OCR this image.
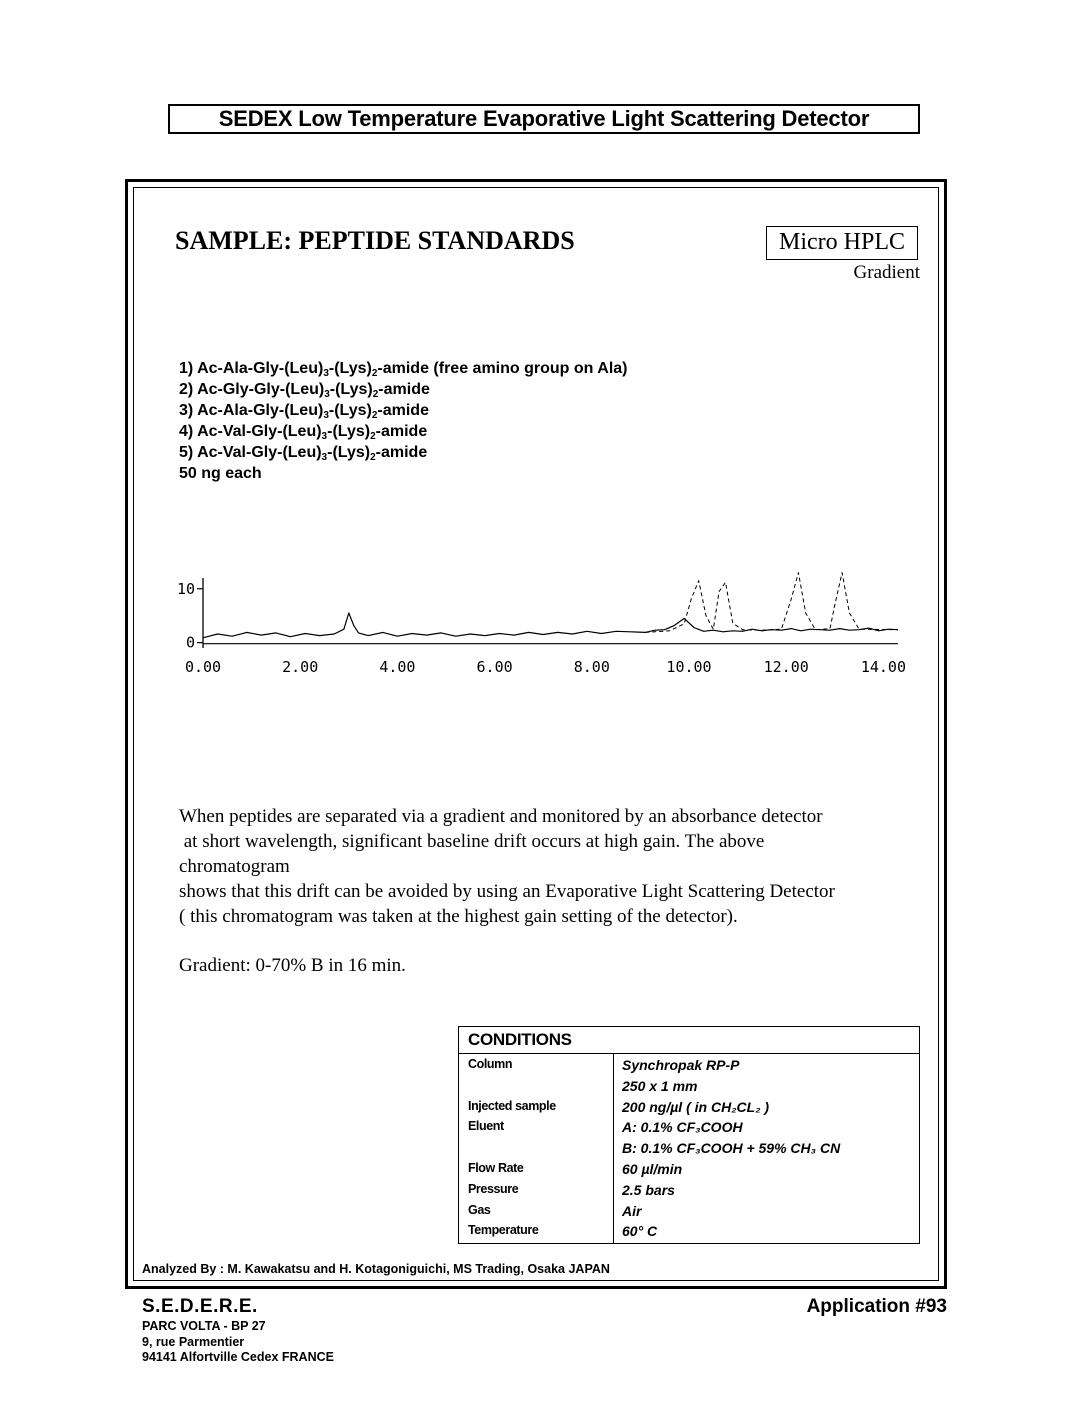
SEDEX Low Temperature Evaporative Light Scattering Detector
SAMPLE: PEPTIDE STANDARDS	Micro HPLC
Gradient
1) $Ac-Ala-Gly-(Leu)_3-(Lys)_2$-amide (free amino group on Ala)
2) $Ac-Gly-Gly-(Leu)_3-(Lys)_2$-amide
3) $Ac-Ala-Gly-(Leu)_3-(Lys)_2$-amide
4) $Ac-Val-Gly-(Leu)_3-(Lys)_2$-amide
5) $Ac-Val-Gly-(Leu)_3-(Lys)_2$-amide
50 ng each
0
10
0.00	2.00	4.00	6.00	8.00	10.00	12.00	14.00

When peptides are separated via a gradient and monitored by an absorbance detector

at short wavelength, significant baseline drift occurs at high gain. The above

chromatogram

shows that this drift can be avoided by using an Evaporative Light Scattering Detector

( this chromatogram was taken at the highest gain setting of the detector).

Gradient: 0-70% B in 16 min.
CONDITIONS
Column	Synchropak RP-P
250 x 1 mm
Injected sample	200 ng/µl ( in CH₂CL₂ )
Eluent	A: 0.1% CF₃COOH
B: 0.1% CF₃COOH + 59% CH₃ CN
Flow Rate	60 µl/min
Pressure	2.5 bars
Gas	Air
Temperature	60° C
Analyzed By : M. Kawakatsu and H. Kotagoniguichi, MS Trading, Osaka JAPAN
S.E.D.E.R.E.	Application #93
PARC VOLTA - BP 27
9, rue Parmentier
94141 Alfortville Cedex FRANCE
